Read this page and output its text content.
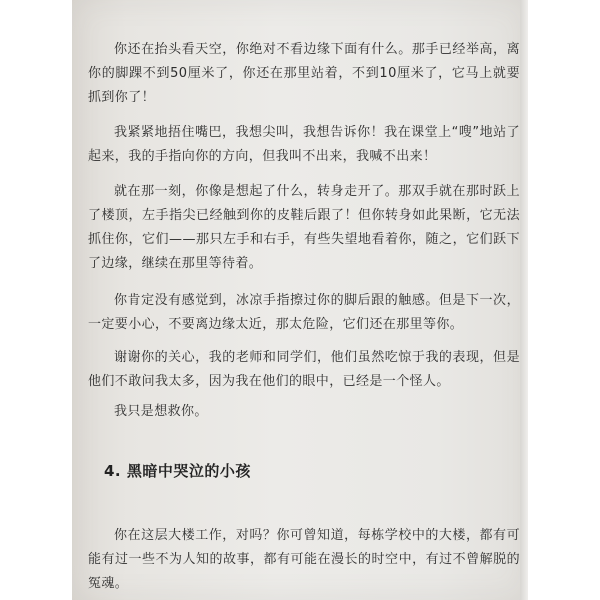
你还在抬头看天空，你绝对不看边缘下面有什么。那手已经举高，离你的脚踝不到50厘米了，你还在那里站着，不到10厘米了，它马上就要抓到你了！

我紧紧地捂住嘴巴，我想尖叫，我想告诉你！我在课堂上“嗖”地站了起来，我的手指向你的方向，但我叫不出来，我喊不出来！

就在那一刻，你像是想起了什么，转身走开了。那双手就在那时跃上了楼顶，左手指尖已经触到你的皮鞋后跟了！但你转身如此果断，它无法抓住你，它们——那只左手和右手，有些失望地看着你，随之，它们跃下了边缘，继续在那里等待着。

你肯定没有感觉到，冰凉手指擦过你的脚后跟的触感。但是下一次，一定要小心，不要离边缘太近，那太危险，它们还在那里等你。

谢谢你的关心，我的老师和同学们，他们虽然吃惊于我的表现，但是他们不敢问我太多，因为我在他们的眼中，已经是一个怪人。

我只是想救你。

4. 黑暗中哭泣的小孩

你在这层大楼工作，对吗？你可曾知道，每栋学校中的大楼，都有可能有过一些不为人知的故事，都有可能在漫长的时空中，有过不曾解脱的冤魂。
